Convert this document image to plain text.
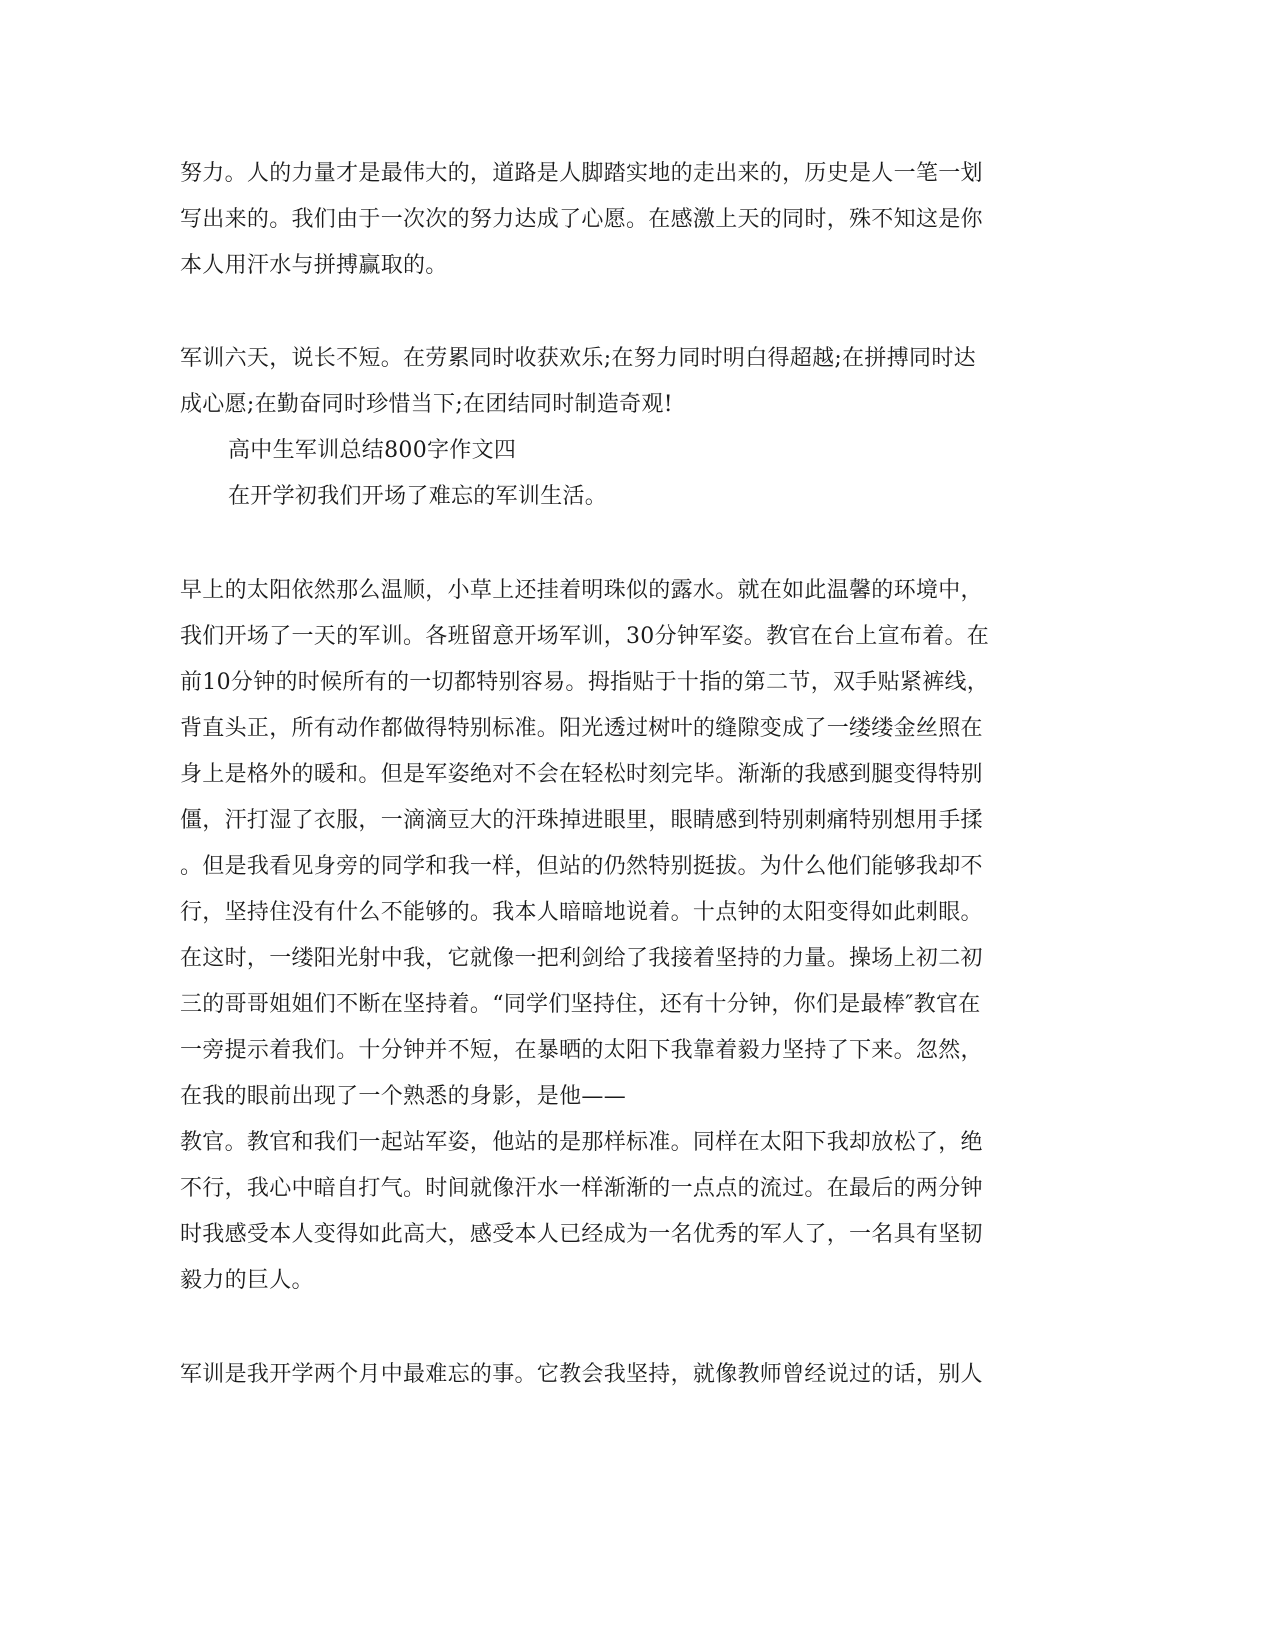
努力。人的力量才是最伟大的，道路是人脚踏实地的走出来的，历史是人一笔一划
写出来的。我们由于一次次的努力达成了心愿。在感激上天的同时，殊不知这是你
本人用汗水与拼搏赢取的。
军训六天，说长不短。在劳累同时收获欢乐;在努力同时明白得超越;在拼搏同时达
成心愿;在勤奋同时珍惜当下;在团结同时制造奇观!
高中生军训总结800字作文四
在开学初我们开场了难忘的军训生活。
早上的太阳依然那么温顺，小草上还挂着明珠似的露水。就在如此温馨的环境中，
我们开场了一天的军训。各班留意开场军训，30分钟军姿。教官在台上宣布着。在
前10分钟的时候所有的一切都特别容易。拇指贴于十指的第二节，双手贴紧裤线，
背直头正，所有动作都做得特别标准。阳光透过树叶的缝隙变成了一缕缕金丝照在
身上是格外的暖和。但是军姿绝对不会在轻松时刻完毕。渐渐的我感到腿变得特别
僵，汗打湿了衣服，一滴滴豆大的汗珠掉进眼里，眼睛感到特别刺痛特别想用手揉
。但是我看见身旁的同学和我一样，但站的仍然特别挺拔。为什么他们能够我却不
行，坚持住没有什么不能够的。我本人暗暗地说着。十点钟的太阳变得如此刺眼。
在这时，一缕阳光射中我，它就像一把利剑给了我接着坚持的力量。操场上初二初
三的哥哥姐姐们不断在坚持着。“同学们坚持住，还有十分钟，你们是最棒″教官在
一旁提示着我们。十分钟并不短，在暴晒的太阳下我靠着毅力坚持了下来。忽然，
在我的眼前出现了一个熟悉的身影，是他——
教官。教官和我们一起站军姿，他站的是那样标准。同样在太阳下我却放松了，绝
不行，我心中暗自打气。时间就像汗水一样渐渐的一点点的流过。在最后的两分钟
时我感受本人变得如此高大，感受本人已经成为一名优秀的军人了，一名具有坚韧
毅力的巨人。
军训是我开学两个月中最难忘的事。它教会我坚持，就像教师曾经说过的话，别人
